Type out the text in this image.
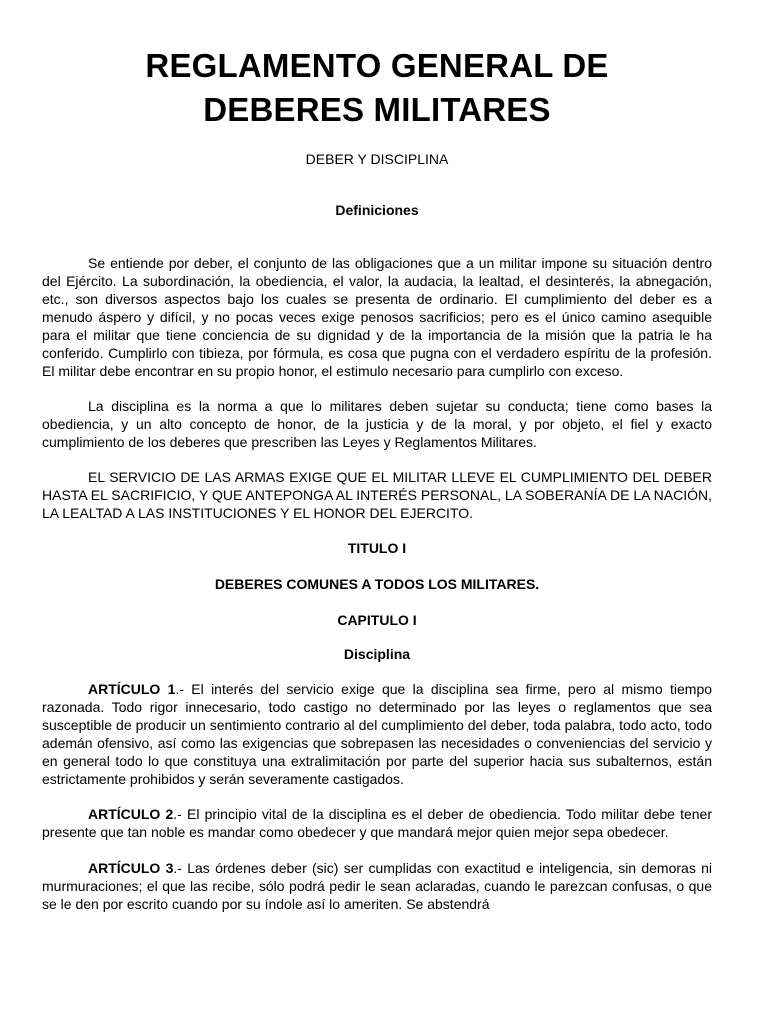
REGLAMENTO GENERAL DE
DEBERES MILITARES
DEBER Y DISCIPLINA
Definiciones

Se entiende por deber, el conjunto de las obligaciones que a un militar impone su situación dentro del Ejército. La subordinación, la obediencia, el valor, la audacia, la lealtad, el desinterés, la abnegación, etc., son diversos aspectos bajo los cuales se presenta de ordinario. El cumplimiento del deber es a menudo áspero y difícil, y no pocas veces exige penosos sacrificios; pero es el único camino asequible para el militar que tiene conciencia de su dignidad y de la importancia de la misión que la patria le ha conferido. Cumplirlo con tibieza, por fórmula, es cosa que pugna con el verdadero espíritu de la profesión. El militar debe encontrar en su propio honor, el estimulo necesario para cumplirlo con exceso.

La disciplina es la norma a que lo militares deben sujetar su conducta; tiene como bases la obediencia, y un alto concepto de honor, de la justicia y de la moral, y por objeto, el fiel y exacto cumplimiento de los deberes que prescriben las Leyes y Reglamentos Militares.

EL SERVICIO DE LAS ARMAS EXIGE QUE EL MILITAR LLEVE EL CUMPLIMIENTO DEL DEBER HASTA EL SACRIFICIO, Y QUE ANTEPONGA AL INTERÉS PERSONAL, LA SOBERANÍA DE LA NACIÓN, LA LEALTAD A LAS INSTITUCIONES Y EL HONOR DEL EJERCITO.

TITULO I
DEBERES COMUNES A TODOS LOS MILITARES.
CAPITULO I
Disciplina

ARTÍCULO 1.- El interés del servicio exige que la disciplina sea firme, pero al mismo tiempo razonada. Todo rigor innecesario, todo castigo no determinado por las leyes o reglamentos que sea susceptible de producir un sentimiento contrario al del cumplimiento del deber, toda palabra, todo acto, todo ademán ofensivo, así como las exigencias que sobrepasen las necesidades o conveniencias del servicio y en general todo lo que constituya una extralimitación por parte del superior hacia sus subalternos, están estrictamente prohibidos y serán severamente castigados.

ARTÍCULO 2.- El principio vital de la disciplina es el deber de obediencia. Todo militar debe tener presente que tan noble es mandar como obedecer y que mandará mejor quien mejor sepa obedecer.

ARTÍCULO 3.- Las órdenes deber (sic) ser cumplidas con exactitud e inteligencia, sin demoras ni murmuraciones; el que las recibe, sólo podrá pedir le sean aclaradas, cuando le parezcan confusas, o que se le den por escrito cuando por su índole así lo ameriten. Se abstendrá
